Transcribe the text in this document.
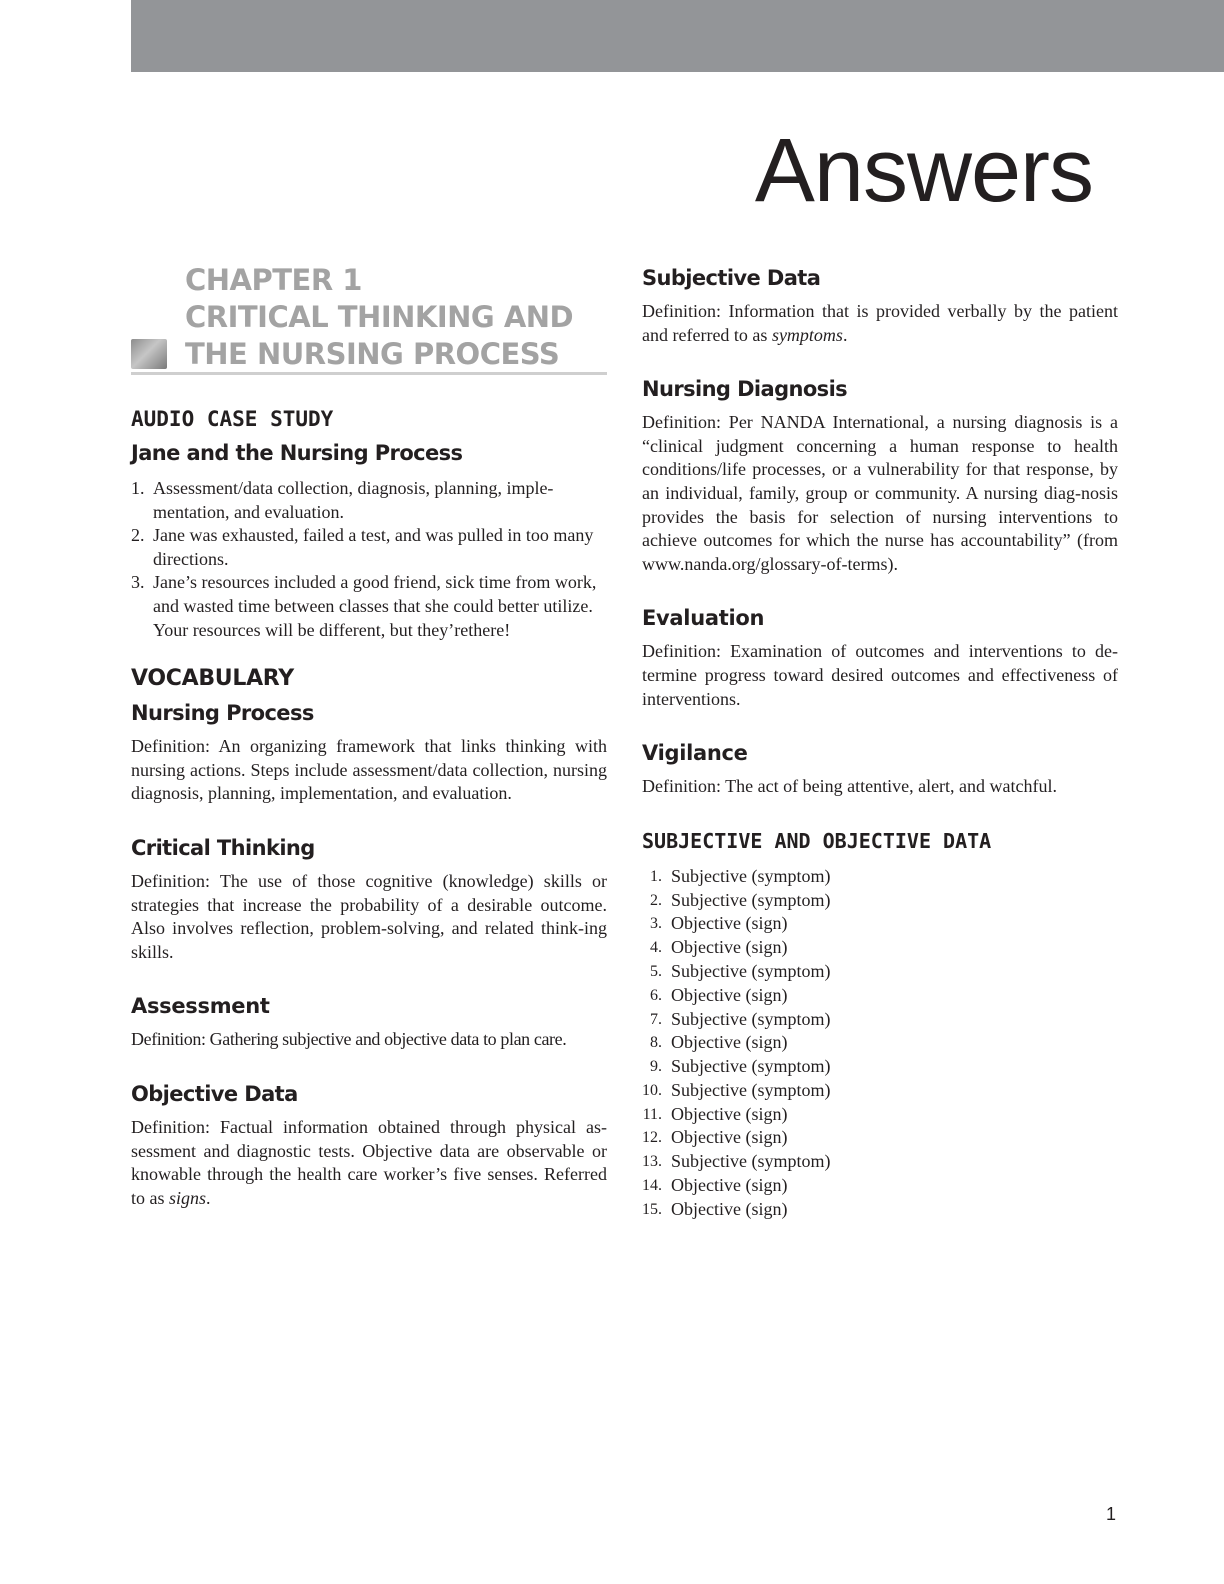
Answers
CHAPTER 1
CRITICAL THINKING AND
THE NURSING PROCESS
AUDIO CASE STUDY
Jane and the Nursing Process
1. Assessment/data collection, diagnosis, planning, imple-mentation, and evaluation.
2. Jane was exhausted, failed a test, and was pulled in too many directions.
3. Jane’s resources included a good friend, sick time from work, and wasted time between classes that she could better utilize. Your resources will be different, but they’rethere!
VOCABULARY
Nursing Process

Definition: An organizing framework that links thinking with nursing actions. Steps include assessment/data collection, nursing diagnosis, planning, implementation, and evaluation.

Critical Thinking

Definition: The use of those cognitive (knowledge) skills or strategies that increase the probability of a desirable outcome. Also involves reflection, problem-solving, and related think-ing skills.

Assessment

Definition: Gathering subjective and objective data to plan care.

Objective Data

Definition: Factual information obtained through physical as-sessment and diagnostic tests. Objective data are observable or knowable through the health care worker’s five senses. Referred to as signs.

Subjective Data

Definition: Information that is provided verbally by the patient and referred to as symptoms.

Nursing Diagnosis

Definition: Per NANDA International, a nursing diagnosis is a “clinical judgment concerning a human response to health conditions/life processes, or a vulnerability for that response, by an individual, family, group or community. A nursing diag-nosis provides the basis for selection of nursing interventions to achieve outcomes for which the nurse has accountability” (from www.nanda.org/glossary-of-terms).

Evaluation

Definition: Examination of outcomes and interventions to de-termine progress toward desired outcomes and effectiveness of interventions.

Vigilance

Definition: The act of being attentive, alert, and watchful.

SUBJECTIVE AND OBJECTIVE DATA
1. Subjective (symptom)
2. Subjective (symptom)
3. Objective (sign)
4. Objective (sign)
5. Subjective (symptom)
6. Objective (sign)
7. Subjective (symptom)
8. Objective (sign)
9. Subjective (symptom)
10. Subjective (symptom)
11. Objective (sign)
12. Objective (sign)
13. Subjective (symptom)
14. Objective (sign)
15. Objective (sign)
1
